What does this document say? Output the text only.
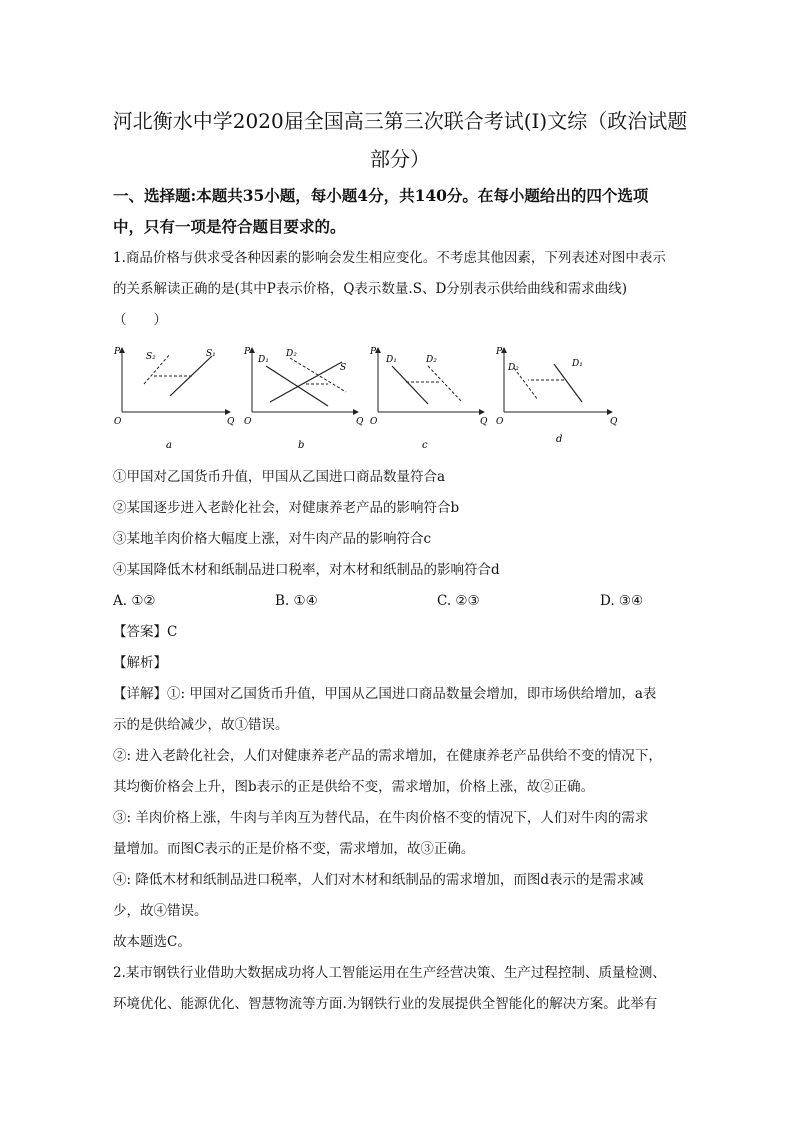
河北衡水中学2020届全国高三第三次联合考试(I)文综（政治试题部分）
一、选择题:本题共35小题，每小题4分，共140分。在每小题给出的四个选项
中，只有一项是符合题目要求的。
1.商品价格与供求受各种因素的影响会发生相应变化。不考虑其他因素，下列表述对图中表示
的关系解读正确的是(其中P表示价格，Q表示数量.S、D分别表示供给曲线和需求曲线)
（　　）
P
Q
O
S₂	S₁	P
Q
O
D₁
D₂
S
P
Q
O
D₁	D₂
P
Q
O
D₂	D₁
a	b	c
d
①甲国对乙国货币升值，甲国从乙国进口商品数量符合a
②某国逐步进入老龄化社会，对健康养老产品的影响符合b
③某地羊肉价格大幅度上涨，对牛肉产品的影响符合c
④某国降低木材和纸制品进口税率，对木材和纸制品的影响符合d
A. ①②	B. ①④	C. ②③	D. ③④
【答案】C
【解析】
【详解】①: 甲国对乙国货币升值，甲国从乙国进口商品数量会增加，即市场供给增加，a表
示的是供给减少，故①错误。
②: 进入老龄化社会，人们对健康养老产品的需求增加，在健康养老产品供给不变的情况下，
其均衡价格会上升，图b表示的正是供给不变，需求增加，价格上涨，故②正确。
③: 羊肉价格上涨，牛肉与羊肉互为替代品，在牛肉价格不变的情况下，人们对牛肉的需求
量增加。而图C表示的正是价格不变，需求增加，故③正确。
④: 降低木材和纸制品进口税率，人们对木材和纸制品的需求增加，而图d表示的是需求减
少，故④错误。
故本题选C。
2.某市钢铁行业借助大数据成功将人工智能运用在生产经营决策、生产过程控制、质量检测、
环境优化、能源优化、智慧物流等方面.为钢铁行业的发展提供全智能化的解决方案。此举有
